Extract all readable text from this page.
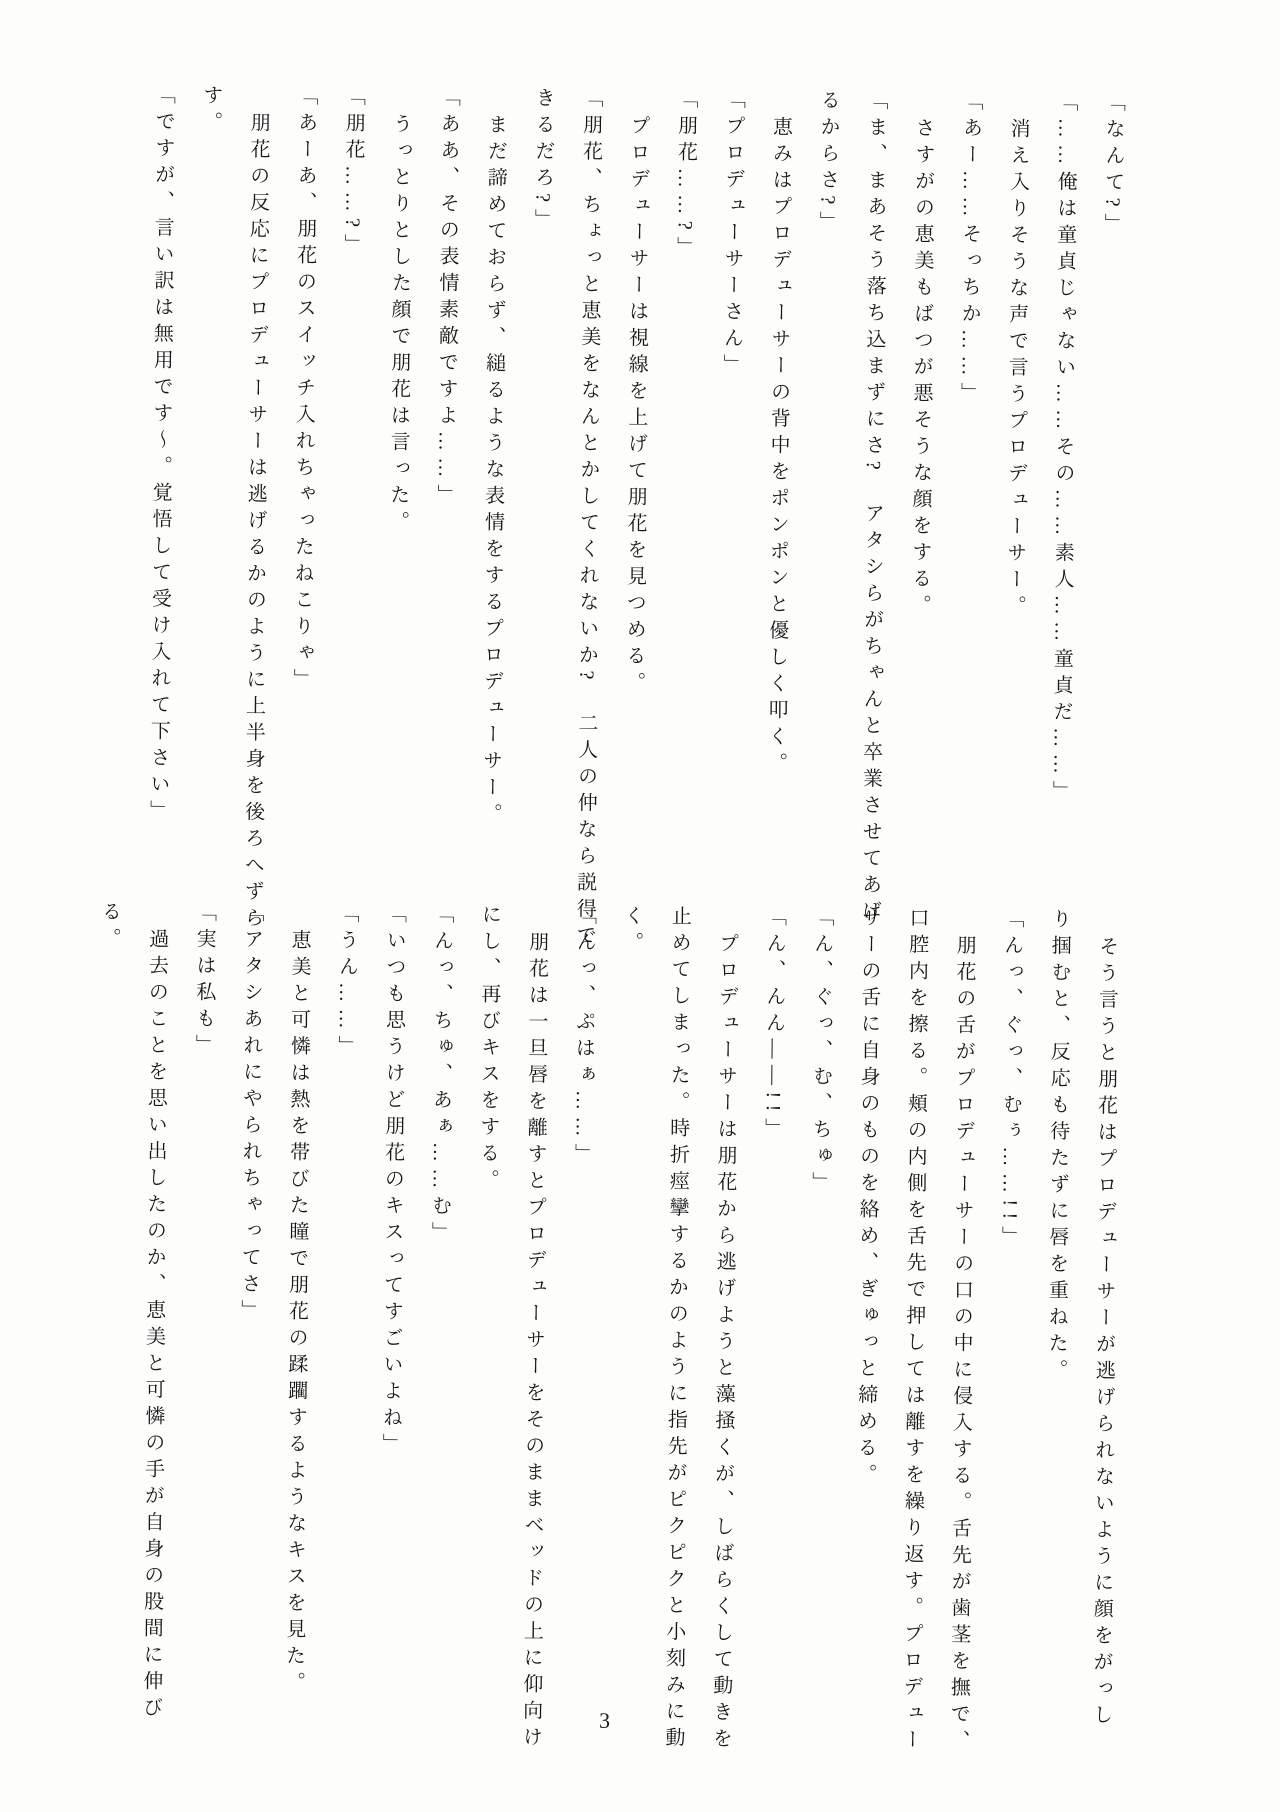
「なんて?」

「……俺は童貞じゃない……その……素人……童貞だ……」

消え入りそうな声で言うプロデューサー。

「あー……そっちか……」

さすがの恵美もばつが悪そうな顔をする。

「ま、まあそう落ち込まずにさ?　アタシらがちゃんと卒業させてあげ

るからさ?」

恵みはプロデューサーの背中をポンポンと優しく叩く。

「プロデューサーさん」

「朋花……?」

プロデューサーは視線を上げて朋花を見つめる。

「朋花、ちょっと恵美をなんとかしてくれないか?　二人の仲なら説得で

きるだろ?」

まだ諦めておらず、縋るような表情をするプロデューサー。

「ああ、その表情素敵ですよ……」

うっとりとした顔で朋花は言った。

「朋花……?」

「あーあ、朋花のスイッチ入れちゃったねこりゃ」

朋花の反応にプロデューサーは逃げるかのように上半身を後ろへずら

す。

「ですが、言い訳は無用です〜。覚悟して受け入れて下さい」

そう言うと朋花はプロデューサーが逃げられないように顔をがっし

り掴むと、反応も待たずに唇を重ねた。

「んっ、ぐっ、むぅ……!!」

朋花の舌がプロデューサーの口の中に侵入する。舌先が歯茎を撫で、

口腔内を擦る。頬の内側を舌先で押しては離すを繰り返す。プロデュー

サーの舌に自身のものを絡め、ぎゅっと締める。

「ん、ぐっ、む、ちゅ」

「ん、んん――!!」

プロデューサーは朋花から逃げようと藻掻くが、しばらくして動きを

止めてしまった。時折痙攣するかのように指先がピクピクと小刻みに動

く。

「んっ、ぷはぁ……」

朋花は一旦唇を離すとプロデューサーをそのままベッドの上に仰向け

にし、再びキスをする。

「んっ、ちゅ、あぁ……む」

「いつも思うけど朋花のキスってすごいよね」

「うん……」

恵美と可憐は熱を帯びた瞳で朋花の蹂躙するようなキスを見た。

「アタシあれにやられちゃってさ」

「実は私も」

過去のことを思い出したのか、恵美と可憐の手が自身の股間に伸び

る。

3
